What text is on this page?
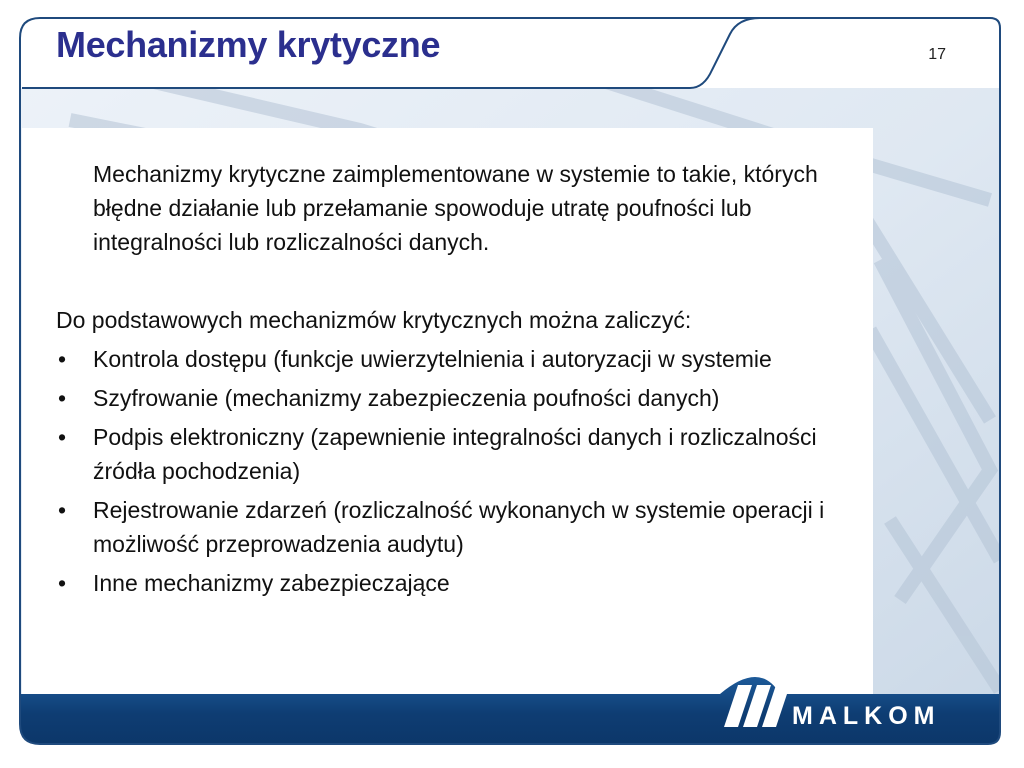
Mechanizmy krytyczne	17

Mechanizmy krytyczne zaimplementowane w systemie to takie, których błędne działanie lub przełamanie spowoduje utratę poufności lub integralności lub rozliczalności danych.

Do podstawowych mechanizmów krytycznych można zaliczyć:

• Kontrola dostępu (funkcje uwierzytelnienia i autoryzacji w systemie
• Szyfrowanie (mechanizmy zabezpieczenia poufności danych)
• Podpis elektroniczny (zapewnienie integralności danych i rozliczalności źródła pochodzenia)
• Rejestrowanie zdarzeń (rozliczalność wykonanych w systemie operacji i możliwość przeprowadzenia audytu)
• Inne mechanizmy zabezpieczające
MALKOM
